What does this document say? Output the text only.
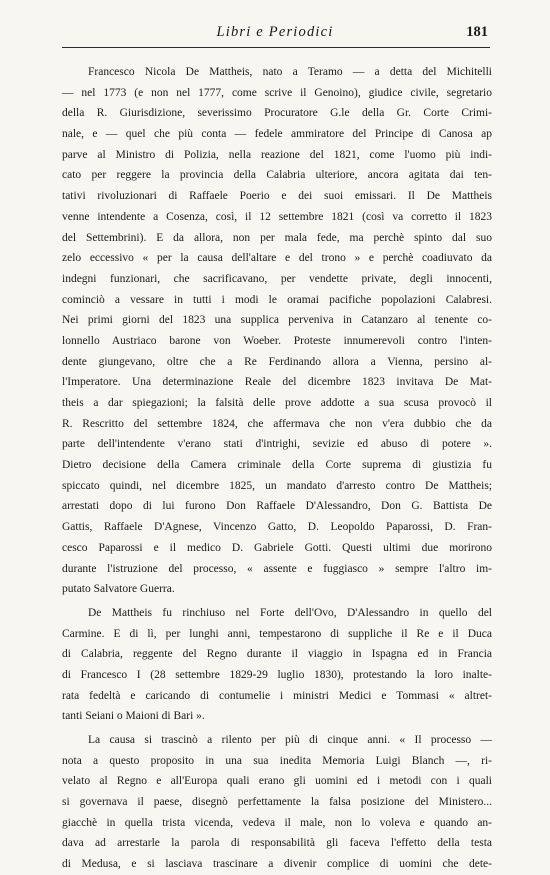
Libri e Periodici	181
Francesco Nicola De Mattheis, nato a Teramo — a detta del Michitelli
— nel 1773 (e non nel 1777, come scrive il Genoino), giudice civile, segretario
della R. Giurisdizione, severissimo Procuratore G.le della Gr. Corte Crimi-
nale, e — quel che più conta — fedele ammiratore del Principe di Canosa ap
parve al Ministro di Polizia, nella reazione del 1821, come l'uomo più indi-
cato per reggere la provincia della Calabria ulteriore, ancora agitata dai ten-
tativi rivoluzionari di Raffaele Poerio e dei suoi emissari. Il De Mattheis
venne intendente a Cosenza, così, il 12 settembre 1821 (così va corretto il 1823
del Settembrini). E da allora, non per mala fede, ma perchè spinto dal suo
zelo eccessivo « per la causa dell'altare e del trono » e perchè coadiuvato da
indegni funzionari, che sacrificavano, per vendette private, degli innocenti,
cominciò a vessare in tutti i modi le oramai pacifiche popolazioni Calabresi.
Nei primi giorni del 1823 una supplica perveniva in Catanzaro al tenente co-
lonnello Austriaco barone von Woeber. Proteste innumerevoli contro l'inten-
dente giungevano, oltre che a Re Ferdinando allora a Vienna, persino al-
l'Imperatore. Una determinazione Reale del dicembre 1823 invitava De Mat-
theis a dar spiegazioni; la falsità delle prove addotte a sua scusa provocò il
R. Rescritto del settembre 1824, che affermava che non v'era dubbio che da
parte dell'intendente v'erano stati d'intrighi, sevizie ed abuso di potere ».
Dietro decisione della Camera criminale della Corte suprema di giustizia fu
spiccato quindi, nel dicembre 1825, un mandato d'arresto contro De Mattheis;
arrestati dopo di lui furono Don Raffaele D'Alessandro, Don G. Battista De
Gattis, Raffaele D'Agnese, Vincenzo Gatto, D. Leopoldo Paparossi, D. Fran-
cesco Paparossi e il medico D. Gabriele Gotti. Questi ultimi due morirono
durante l'istruzione del processo, « assente e fuggiasco » sempre l'altro im-
putato Salvatore Guerra.
De Mattheis fu rinchiuso nel Forte dell'Ovo, D'Alessandro in quello del
Carmine. E di lì, per lunghi anni, tempestarono di suppliche il Re e il Duca
di Calabria, reggente del Regno durante il viaggio in Ispagna ed in Francia
di Francesco I (28 settembre 1829-29 luglio 1830), protestando la loro inalte-
rata fedeltà e caricando di contumelie i ministri Medici e Tommasi « altret-
tanti Seiani o Maioni di Bari ».
La causa si trascinò a rilento per più di cinque anni. « Il processo —
nota a questo proposito in una sua inedita Memoria Luigi Blanch —, ri-
velato al Regno e all'Europa quali erano gli uomini ed i metodi con i quali
si governava il paese, disegnò perfettamente la falsa posizione del Ministero...
giacchè in quella trista vicenda, vedeva il male, non lo voleva e quando an-
dava ad arrestarle la parola di responsabilità gli faceva l'effetto della testa
di Medusa, e si lasciava trascinare a divenir complice di uomini che dete-
